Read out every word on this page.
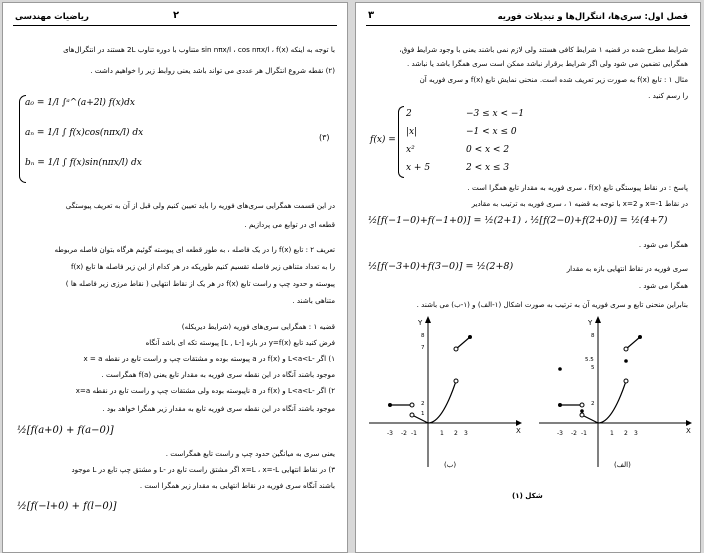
ریاضیات مهندسی	۲
با توجه به اینکه sin nπx/l ، cos nπx/l ، f(x) متناوب با دوره تناوب 2L هستند در انتگرال‌های
(۲) نقطه شروع انتگرال هر عددی می تواند باشد یعنی روابط زیر را خواهیم داشت .
a₀ = 1/l ∫ᵃ^(a+2l) f(x)dx
aₙ = 1/l ∫ f(x)cos(nπx/l) dx
bₙ = 1/l ∫ f(x)sin(nπx/l) dx
(۳)
در این قسمت همگرایی سری‌های فوریه را باید تعیین کنیم ولی قبل از آن به تعریف پیوستگی
قطعه ای در توابع می پردازیم .
تعریف ۲ : تابع f(x) را در یک فاصله ، به طور قطعه ای پیوسته گوئیم هرگاه بتوان فاصله مربوطه
را به تعداد متناهی زیر فاصله تقسیم کنیم طوریکه در هر کدام از این زیر فاصله ها تابع f(x)
پیوسته و حدود چپ و راست تابع f(x) در هر یک از نقاط انتهایی ( نقاط مرزی زیر فاصله ها )
متناهی باشند .
قضیه ۱ : همگرایی سری‌های فوریه (شرایط دیریکله)
فرض کنید تابع y=f(x) در بازه [-L , L] پیوسته تکه ای باشد آنگاه
۱) اگر -L<a<L و f(x) در a پیوسته بوده و مشتقات چپ و راست تابع در نقطه x = a
موجود باشند آنگاه در این نقطه سری فوریه به مقدار تابع یعنی f(a) همگراست .
۲) اگر -L<a<L و f(x) در a ناپیوسته بوده ولی مشتقات چپ و راست تابع در نقطه x=a
موجود باشند آنگاه در این نقطه سری فوریه تابع به مقدار زیر همگرا خواهد بود .
½[f(a+0) + f(a−0)]
یعنی سری به میانگین حدود چپ و راست تابع همگراست .
۳) در نقاط انتهایی x=L ، x=-L اگر مشتق راست تابع در -L و مشتق چپ تابع در L موجود
باشند آنگاه سری فوریه در نقاط انتهایی به مقدار زیر همگرا است .
½[f(−l+0) + f(l−0)]
۳	فصل اول: سری‌ها، انتگرال‌ها و تبدیلات فوریه
شرایط مطرح شده در قضیه ۱ شرایط کافی هستند ولی لازم نمی باشند یعنی با وجود شرایط فوق،
همگرایی تضمین می شود ولی اگر شرایط برقرار نباشد ممکن است سری همگرا باشد یا نباشد .
مثال ۱ : تابع f(x) به صورت زیر تعریف شده است. منحنی نمایش تابع f(x) و سری فوریه آن
را رسم کنید .
f(x) =
2	−3 ≤ x < −1
|x|	−1 < x ≤ 0
x²	0 < x < 2
x + 5	2 < x ≤ 3
پاسخ : در نقاط پیوستگی تابع f(x) ، سری فوریه به مقدار تابع همگرا است .
در نقاط x=-1 و x=2 با توجه به قضیه ۱ ، سری فوریه به ترتیب به مقادیر
½[f(−1−0)+f(−1+0)] = ½(2+1) ، ½[f(2−0)+f(2+0)] = ½(4+7)
همگرا می شود .
½[f(−3+0)+f(3−0)] = ½(2+8)	سری فوریه در نقاط انتهایی بازه به مقدار
همگرا می شود .
بنابراین منحنی تابع و سری فوریه آن به ترتیب به صورت اشکال (۱-الف) و (۱-ب) می باشند .
X
Y
-3 -2 -1	1 2 3
8
7
2
1
(ب)
X
Y
-3 -2 -1	1 2 3
8
5.5
5
2
(الف)
شکل (۱)
